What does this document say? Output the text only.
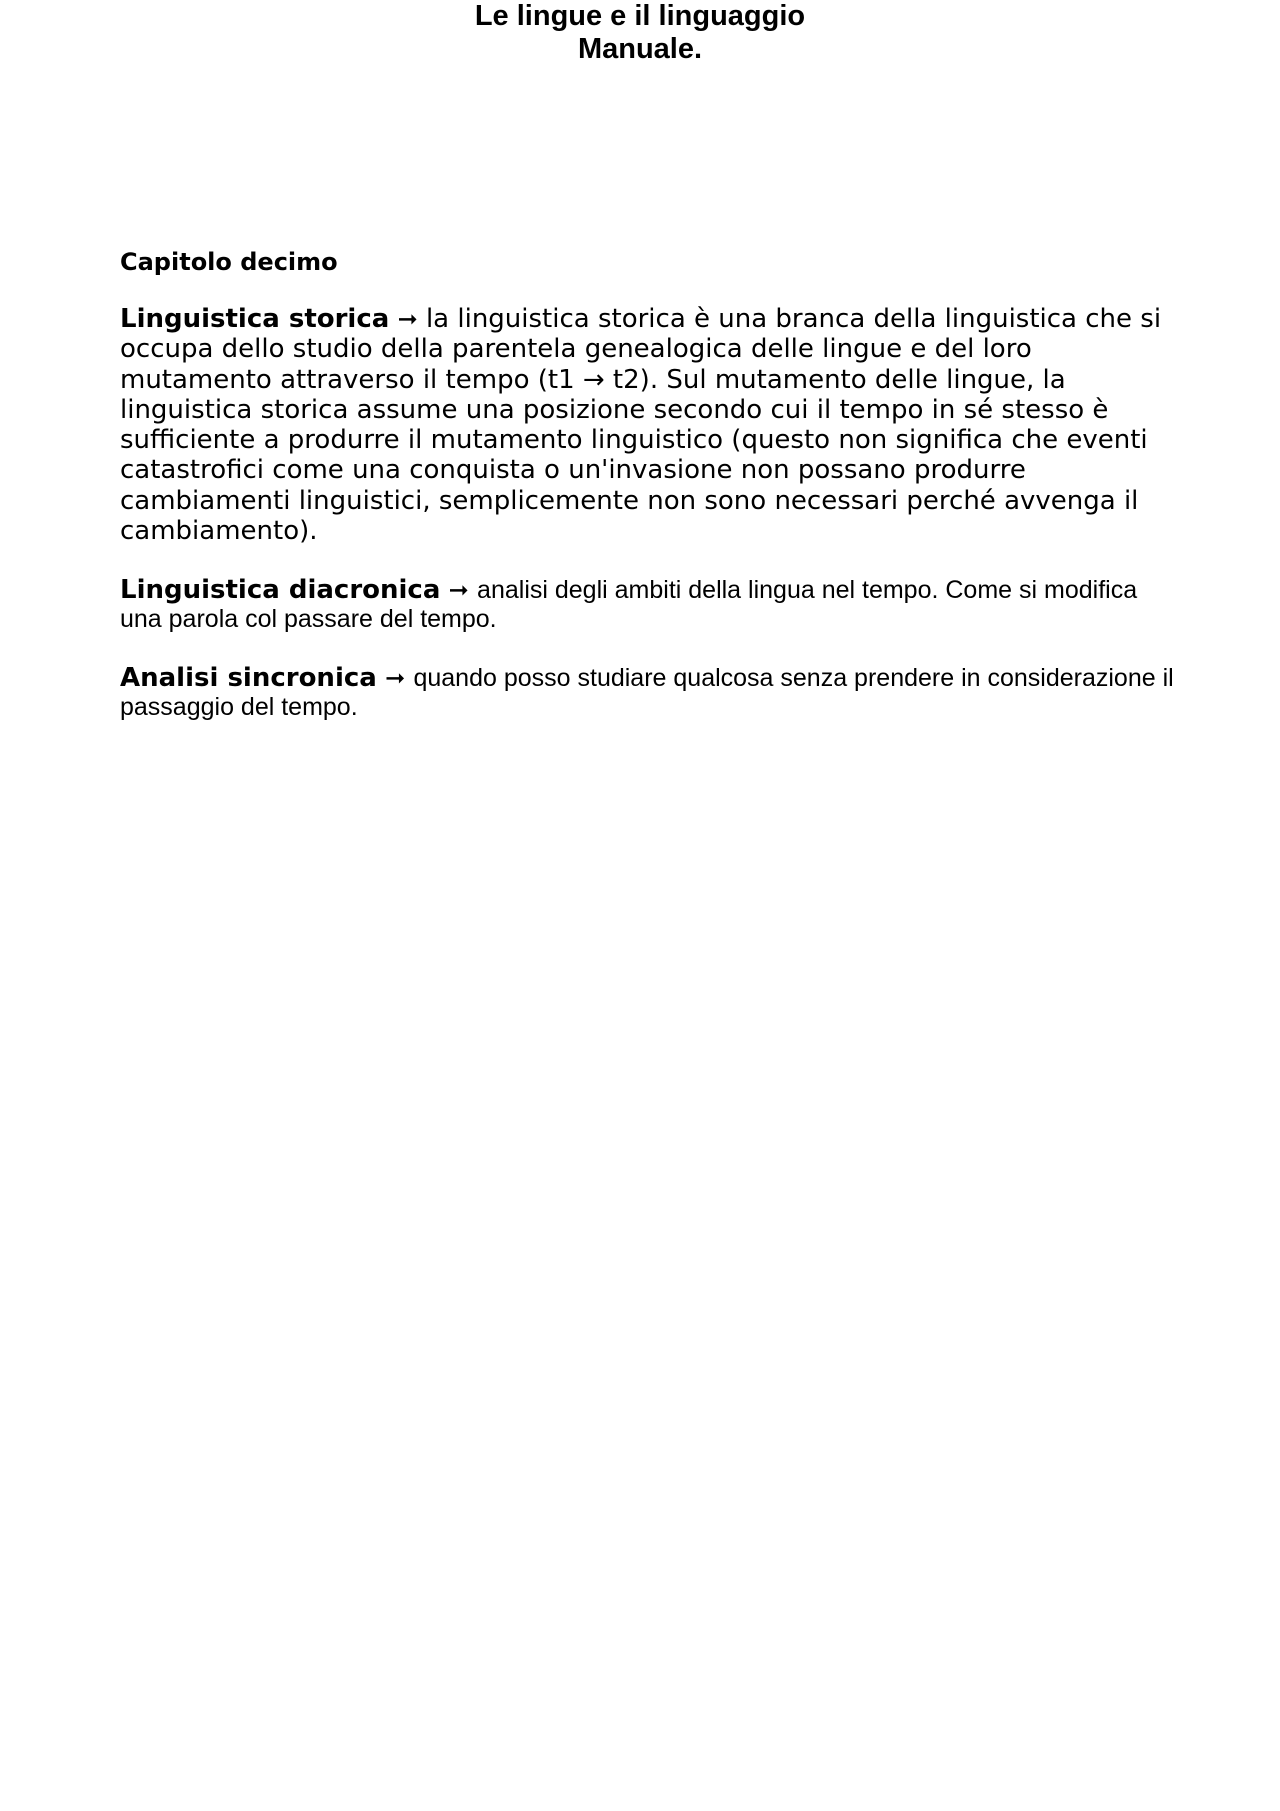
Le lingue e il linguaggio
Manuale.
Capitolo decimo

Linguistica storica ➞ la linguistica storica è una branca della linguistica che si occupa dello studio della parentela genealogica delle lingue e del loro mutamento attraverso il tempo (t1 → t2). Sul mutamento delle lingue, la linguistica storica assume una posizione secondo cui il tempo in sé stesso è sufficiente a produrre il mutamento linguistico (questo non significa che eventi catastrofici come una conquista o un'invasione non possano produrre cambiamenti linguistici, semplicemente non sono necessari perché avvenga il cambiamento).

Linguistica diacronica ➞ analisi degli ambiti della lingua nel tempo. Come si modifica una parola col passare del tempo.

Analisi sincronica ➞ quando posso studiare qualcosa senza prendere in considerazione il passaggio del tempo.
